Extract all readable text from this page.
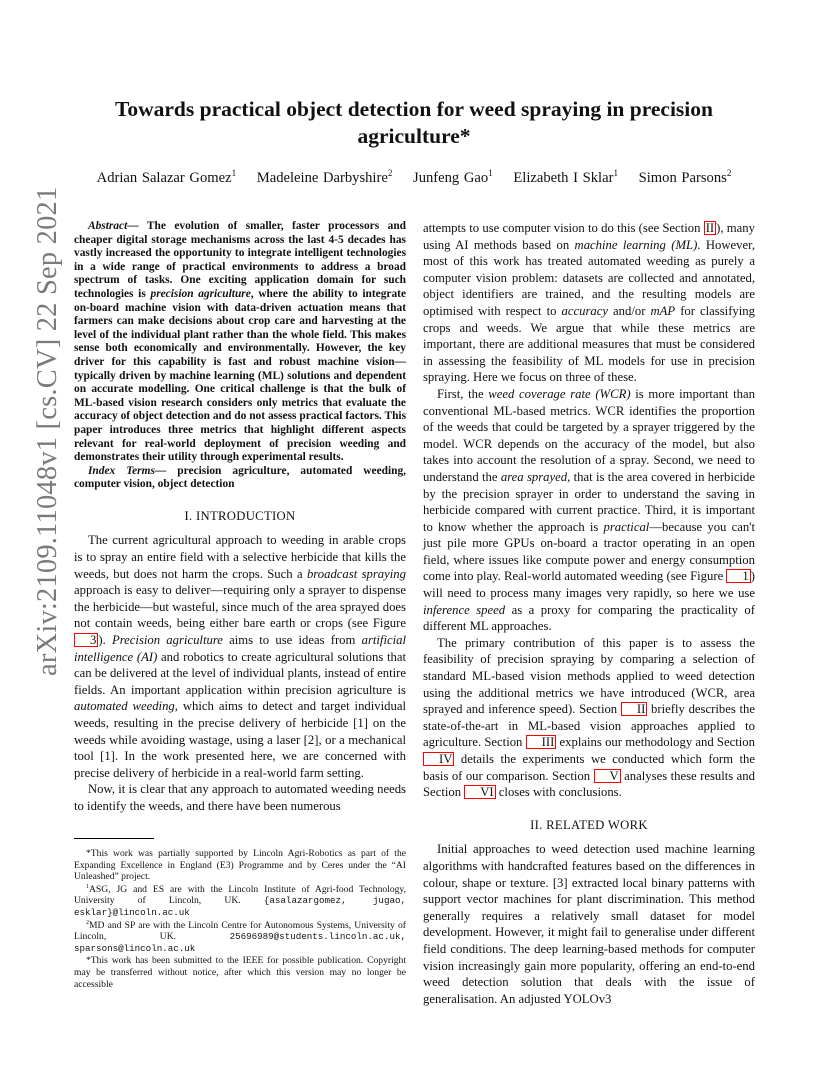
arXiv:2109.11048v1 [cs.CV] 22 Sep 2021
Towards practical object detection for weed spraying in precision agriculture*
Adrian Salazar Gomez$^1$ Madeleine Darbyshire$^2$ Junfeng Gao$^1$ Elizabeth I Sklar$^1$ Simon Parsons$^2$

Abstract— The evolution of smaller, faster processors and cheaper digital storage mechanisms across the last 4-5 decades has vastly increased the opportunity to integrate intelligent technologies in a wide range of practical environments to address a broad spectrum of tasks. One exciting application domain for such technologies is precision agriculture, where the ability to integrate on-board machine vision with data-driven actuation means that farmers can make decisions about crop care and harvesting at the level of the individual plant rather than the whole field. This makes sense both economically and environmentally. However, the key driver for this capability is fast and robust machine vision—typically driven by machine learning (ML) solutions and dependent on accurate modelling. One critical challenge is that the bulk of ML-based vision research considers only metrics that evaluate the accuracy of object detection and do not assess practical factors. This paper introduces three metrics that highlight different aspects relevant for real-world deployment of precision weeding and demonstrates their utility through experimental results.

Index Terms— precision agriculture, automated weeding, computer vision, object detection

I. INTRODUCTION

The current agricultural approach to weeding in arable crops is to spray an entire field with a selective herbicide that kills the weeds, but does not harm the crops. Such a broadcast spraying approach is easy to deliver—requiring only a sprayer to dispense the herbicide—but wasteful, since much of the area sprayed does not contain weeds, being either bare earth or crops (see Figure 3 ). Precision agriculture aims to use ideas from artificial intelligence (AI) and robotics to create agricultural solutions that can be delivered at the level of individual plants, instead of entire fields. An important application within precision agriculture is automated weeding, which aims to detect and target individual weeds, resulting in the precise delivery of herbicide [1] on the weeds while avoiding wastage, using a laser [2], or a mechanical tool [1]. In the work presented here, we are concerned with precise delivery of herbicide in a real-world farm setting.

Now, it is clear that any approach to automated weeding needs to identify the weeds, and there have been numerous

*This work was partially supported by Lincoln Agri-Robotics as part of the Expanding Excellence in England (E3) Programme and by Ceres under the “AI Unleashed” project.

$^1$ASG, JG and ES are with the Lincoln Institute of Agri-food Technology, University of Lincoln, UK. {asalazargomez, jugao, esklar}@lincoln.ac.uk

$^2$MD and SP are with the Lincoln Centre for Autonomous Systems, University of Lincoln, UK. 25696989@students.lincoln.ac.uk, sparsons@lincoln.ac.uk

*This work has been submitted to the IEEE for possible publication. Copyright may be transferred without notice, after which this version may no longer be accessible

attempts to use computer vision to do this (see Section II ), many using AI methods based on machine learning (ML). However, most of this work has treated automated weeding as purely a computer vision problem: datasets are collected and annotated, object identifiers are trained, and the resulting models are optimised with respect to accuracy and/or mAP for classifying crops and weeds. We argue that while these metrics are important, there are additional measures that must be considered in assessing the feasibility of ML models for use in precision spraying. Here we focus on three of these.

First, the weed coverage rate (WCR) is more important than conventional ML-based metrics. WCR identifies the proportion of the weeds that could be targeted by a sprayer triggered by the model. WCR depends on the accuracy of the model, but also takes into account the resolution of a spray. Second, we need to understand the area sprayed, that is the area covered in herbicide by the precision sprayer in order to understand the saving in herbicide compared with current practice. Third, it is important to know whether the approach is practical—because you can't just pile more GPUs on-board a tractor operating in an open field, where issues like compute power and energy consumption come into play. Real-world automated weeding (see Figure 1 ) will need to process many images very rapidly, so here we use inference speed as a proxy for comparing the practicality of different ML approaches.

The primary contribution of this paper is to assess the feasibility of precision spraying by comparing a selection of standard ML-based vision methods applied to weed detection using the additional metrics we have introduced (WCR, area sprayed and inference speed). Section II briefly describes the state-of-the-art in ML-based vision approaches applied to agriculture. Section III explains our methodology and Section IV details the experiments we conducted which form the basis of our comparison. Section V analyses these results and Section VI closes with conclusions.

II. RELATED WORK

Initial approaches to weed detection used machine learning algorithms with handcrafted features based on the differences in colour, shape or texture. [3] extracted local binary patterns with support vector machines for plant discrimination. This method generally requires a relatively small dataset for model development. However, it might fail to generalise under different field conditions. The deep learning-based methods for computer vision increasingly gain more popularity, offering an end-to-end weed detection solution that deals with the issue of generalisation. An adjusted YOLOv3
